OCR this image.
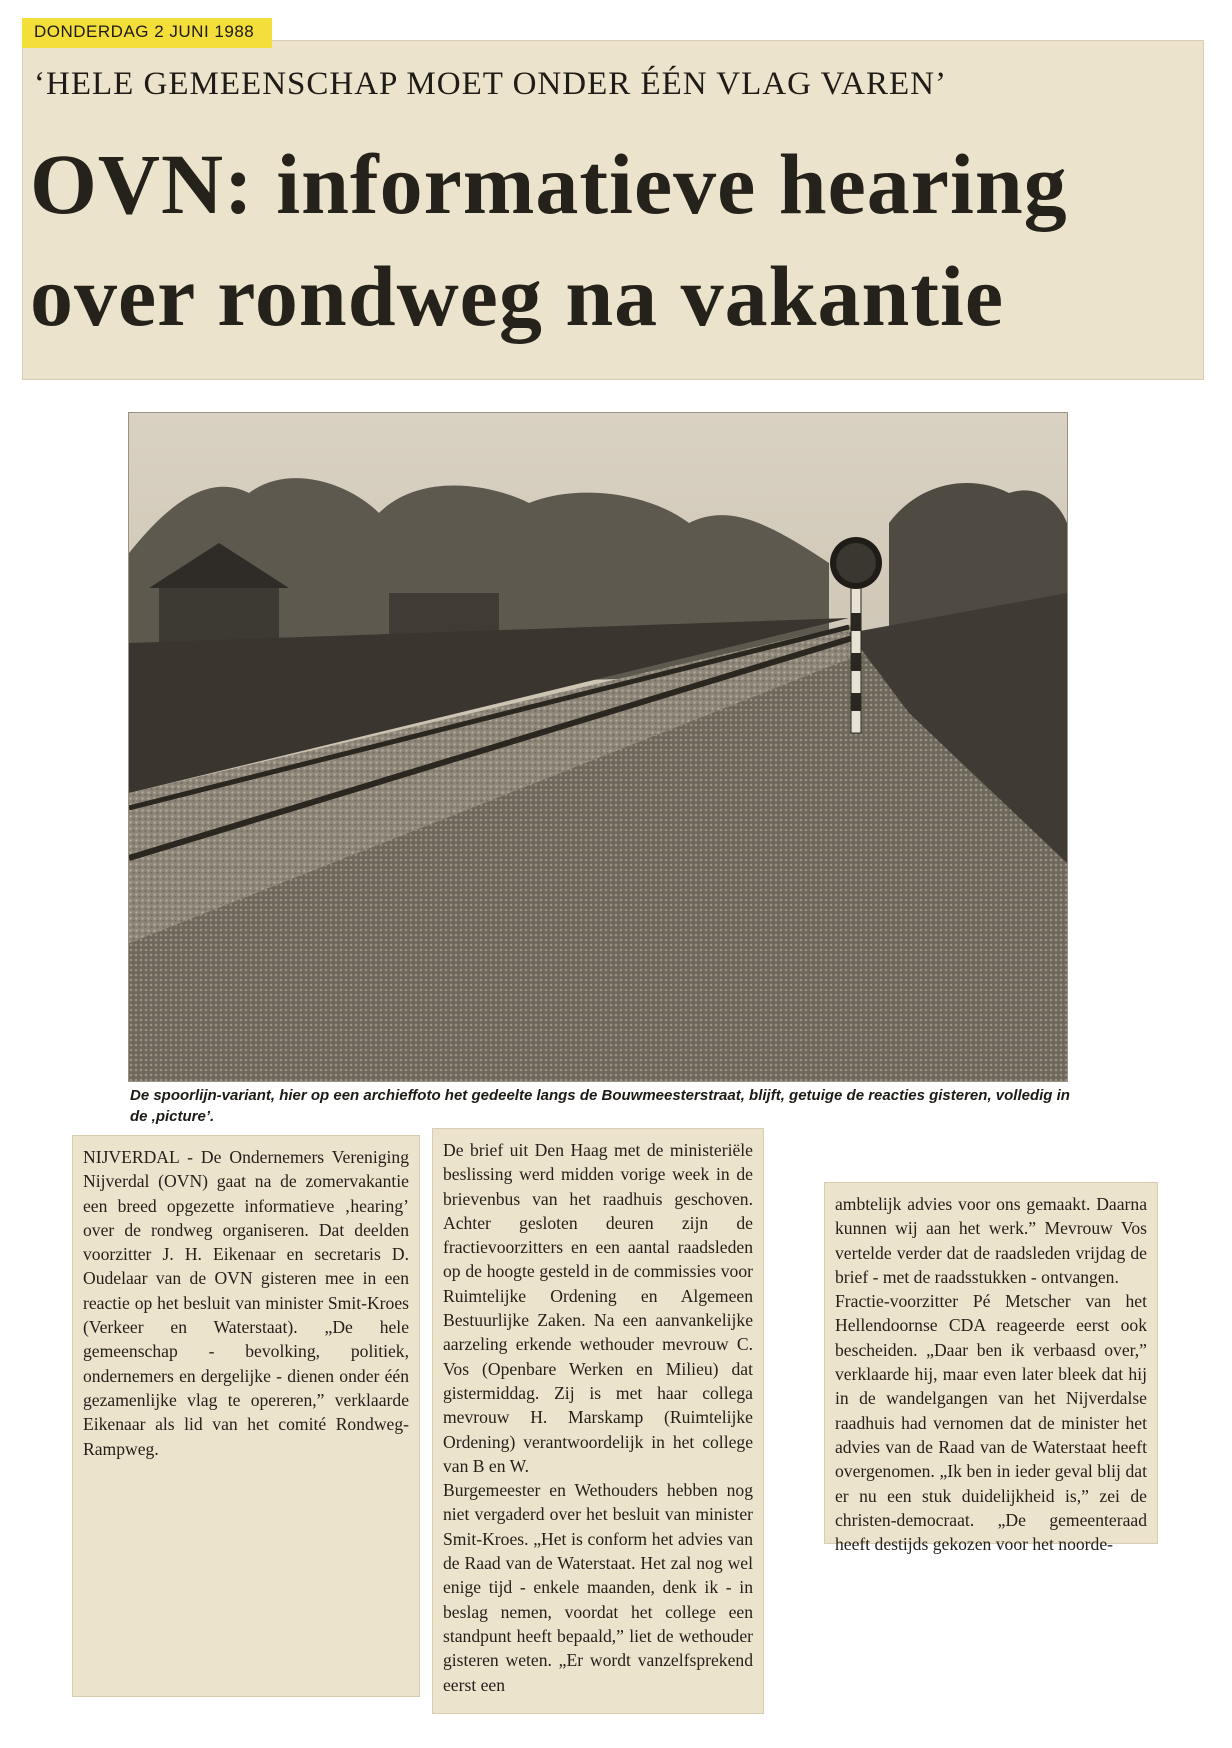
DONDERDAG 2 JUNI 1988
‘HELE GEMEENSCHAP MOET ONDER ÉÉN VLAG VAREN’
OVN: informatieve hearing
over rondweg na vakantie
De spoorlijn-variant, hier op een archieffoto het gedeelte langs de Bouwmeesterstraat, blijft, getuige de reacties gisteren, volledig in de ‚picture’.

NIJVERDAL - De Ondernemers Vereniging Nijverdal (OVN) gaat na de zomervakantie een breed opgezette informatieve ‚hearing’ over de rondweg organiseren. Dat deelden voorzitter J. H. Eikenaar en secretaris D. Oudelaar van de OVN gisteren mee in een reactie op het besluit van minister Smit-Kroes (Verkeer en Waterstaat). „De hele gemeenschap - bevolking, politiek, ondernemers en dergelijke - dienen onder één gezamenlijke vlag te opereren,” verklaarde Eikenaar als lid van het comité Rondweg-Rampweg.

De brief uit Den Haag met de ministeriële beslissing werd midden vorige week in de brievenbus van het raadhuis geschoven. Achter gesloten deuren zijn de fractievoorzitters en een aantal raadsleden op de hoogte gesteld in de commissies voor Ruimtelijke Ordening en Algemeen Bestuurlijke Zaken. Na een aanvankelijke aarzeling erkende wethouder mevrouw C. Vos (Openbare Werken en Milieu) dat gistermiddag. Zij is met haar collega mevrouw H. Marskamp (Ruimtelijke Ordening) verantwoordelijk in het college van B en W.
Burgemeester en Wethouders hebben nog niet vergaderd over het besluit van minister Smit-Kroes. „Het is conform het advies van de Raad van de Waterstaat. Het zal nog wel enige tijd - enkele maanden, denk ik - in beslag nemen, voordat het college een standpunt heeft bepaald,” liet de wethouder gisteren weten. „Er wordt vanzelfsprekend eerst een

ambtelijk advies voor ons gemaakt. Daarna kunnen wij aan het werk.” Mevrouw Vos vertelde verder dat de raadsleden vrijdag de brief - met de raadsstukken - ontvangen.
Fractie-voorzitter Pé Metscher van het Hellendoornse CDA reageerde eerst ook bescheiden. „Daar ben ik verbaasd over,” verklaarde hij, maar even later bleek dat hij in de wandelgangen van het Nijverdalse raadhuis had vernomen dat de minister het advies van de Raad van de Waterstaat heeft overgenomen. „Ik ben in ieder geval blij dat er nu een stuk duidelijkheid is,” zei de christen-democraat. „De gemeenteraad heeft destijds gekozen voor het noorde-
